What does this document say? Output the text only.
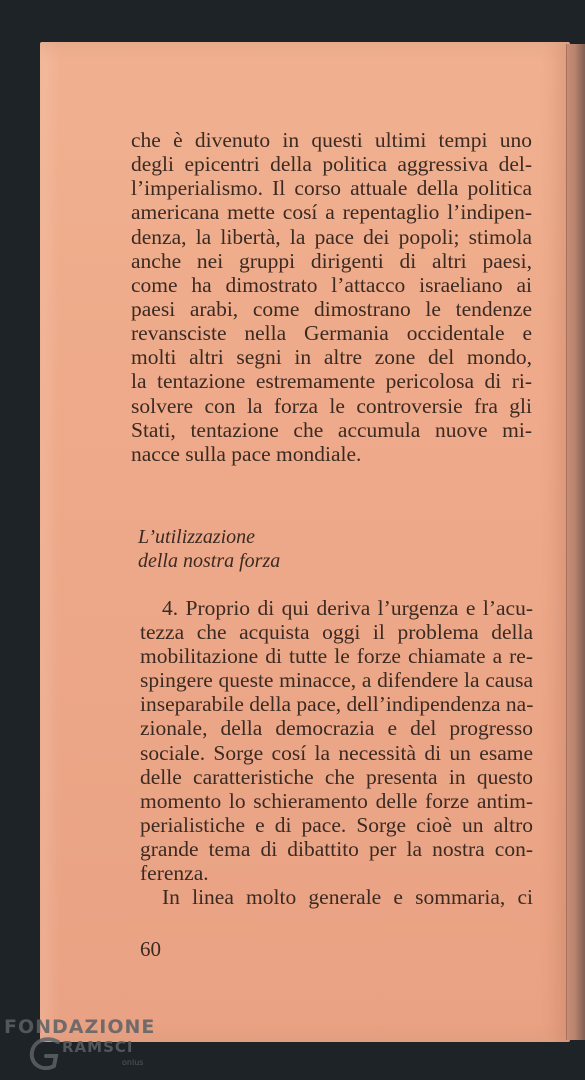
che è divenuto in questi ultimi tempi uno
degli epicentri della politica aggressiva del-
l’imperialismo. Il corso attuale della politica
americana mette cosí a repentaglio l’indipen-
denza, la libertà, la pace dei popoli; stimola
anche nei gruppi dirigenti di altri paesi,
come ha dimostrato l’attacco israeliano ai
paesi arabi, come dimostrano le tendenze
revansciste nella Germania occidentale e
molti altri segni in altre zone del mondo,
la tentazione estremamente pericolosa di ri-
solvere con la forza le controversie fra gli
Stati, tentazione che accumula nuove mi-
nacce sulla pace mondiale.
L’utilizzazione
della nostra forza
4. Proprio di qui deriva l’urgenza e l’acu-
tezza che acquista oggi il problema della
mobilitazione di tutte le forze chiamate a re-
spingere queste minacce, a difendere la causa
inseparabile della pace, dell’indipendenza na-
zionale, della democrazia e del progresso
sociale. Sorge cosí la necessità di un esame
delle caratteristiche che presenta in questo
momento lo schieramento delle forze antim-
perialistiche e di pace. Sorge cioè un altro
grande tema di dibattito per la nostra con-
ferenza.
In linea molto generale e sommaria, ci
60
FONDAZIONE
RAMSCI
onlus
